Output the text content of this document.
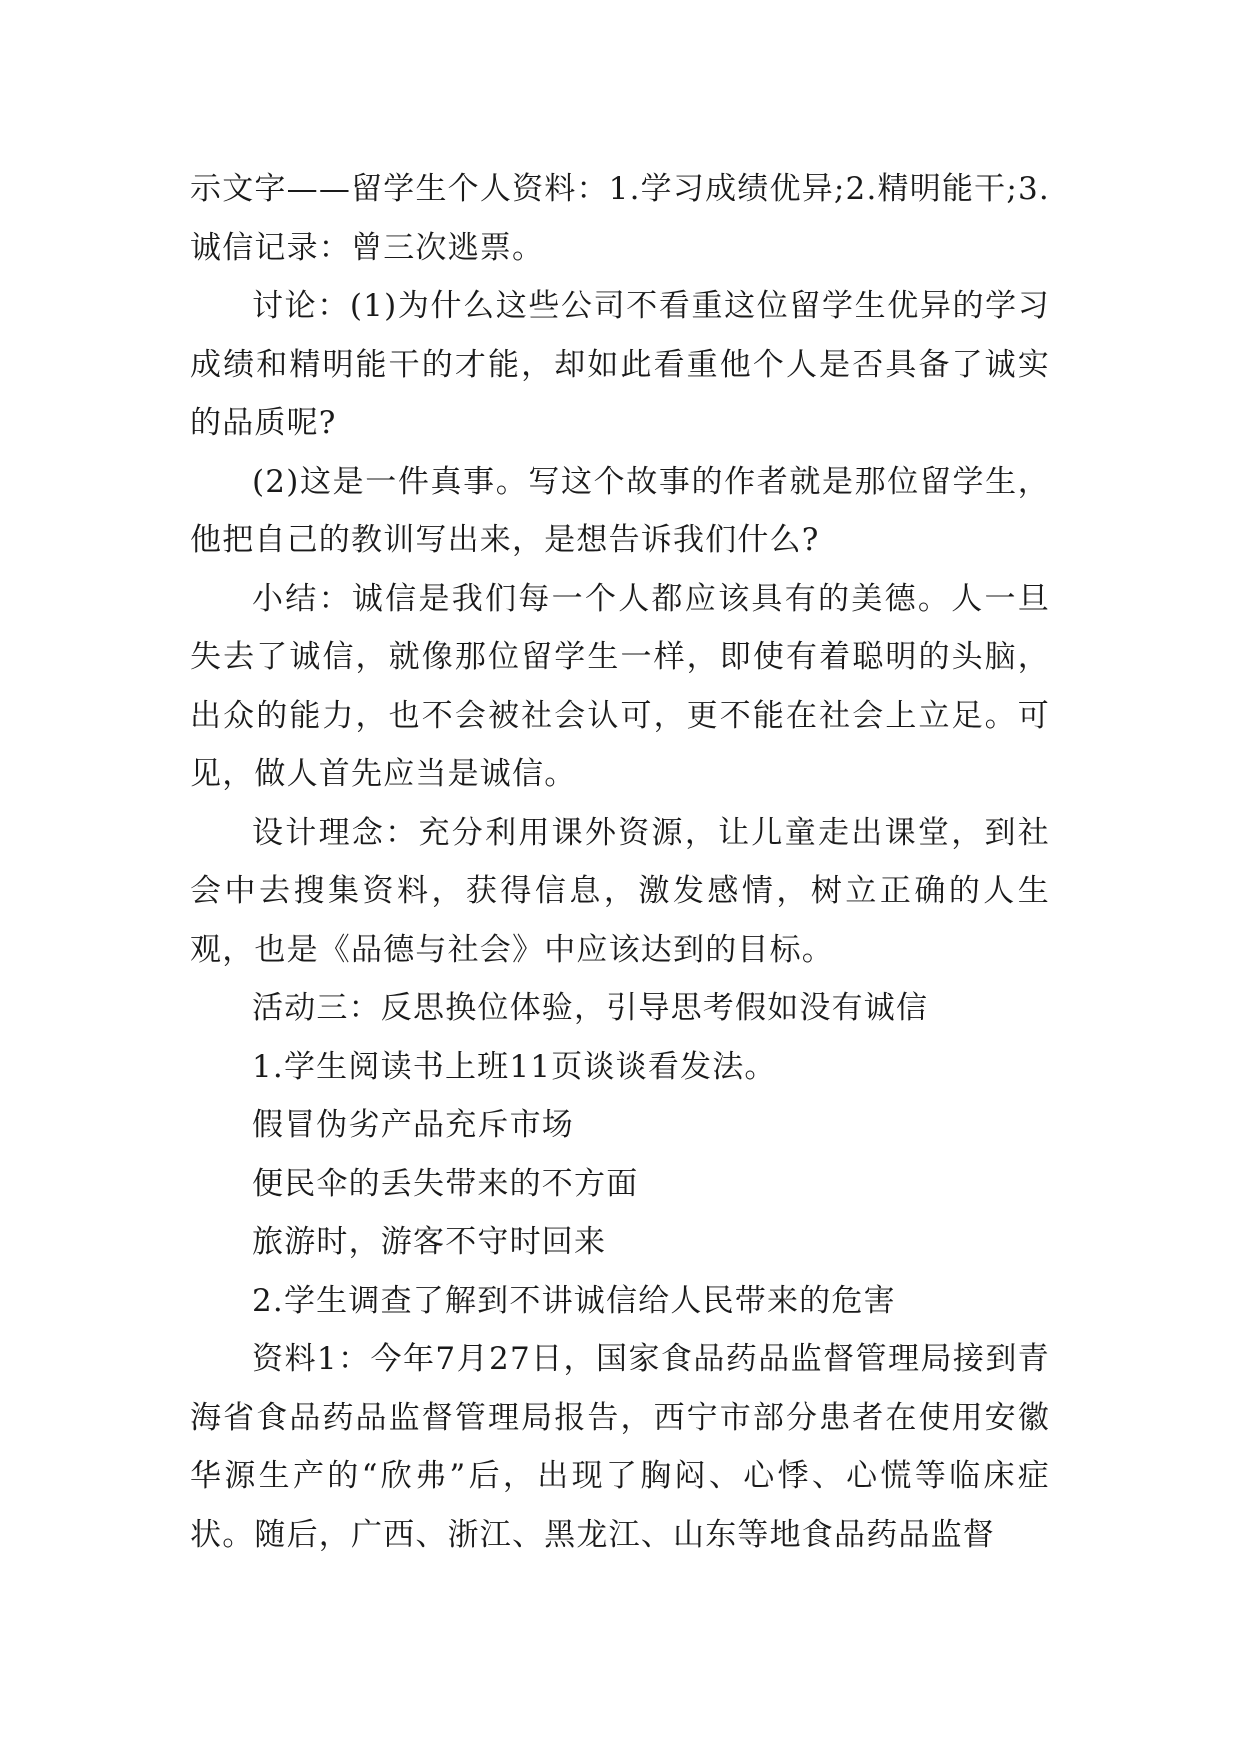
示文字——留学生个人资料：1.学习成绩优异;2.精明能干;3.诚信记录：曾三次逃票。

讨论：(1)为什么这些公司不看重这位留学生优异的学习成绩和精明能干的才能，却如此看重他个人是否具备了诚实的品质呢?

(2)这是一件真事。写这个故事的作者就是那位留学生，他把自己的教训写出来，是想告诉我们什么?

小结：诚信是我们每一个人都应该具有的美德。人一旦失去了诚信，就像那位留学生一样，即使有着聪明的头脑，出众的能力，也不会被社会认可，更不能在社会上立足。可见，做人首先应当是诚信。

设计理念：充分利用课外资源，让儿童走出课堂，到社会中去搜集资料，获得信息，激发感情，树立正确的人生观，也是《品德与社会》中应该达到的目标。

活动三：反思换位体验，引导思考假如没有诚信

1.学生阅读书上班11页谈谈看发法。

假冒伪劣产品充斥市场

便民伞的丢失带来的不方面

旅游时，游客不守时回来

2.学生调查了解到不讲诚信给人民带来的危害

资料1：今年7月27日，国家食品药品监督管理局接到青海省食品药品监督管理局报告，西宁市部分患者在使用安徽华源生产的“欣弗”后，出现了胸闷、心悸、心慌等临床症状。随后，广西、浙江、黑龙江、山东等地食品药品监督
